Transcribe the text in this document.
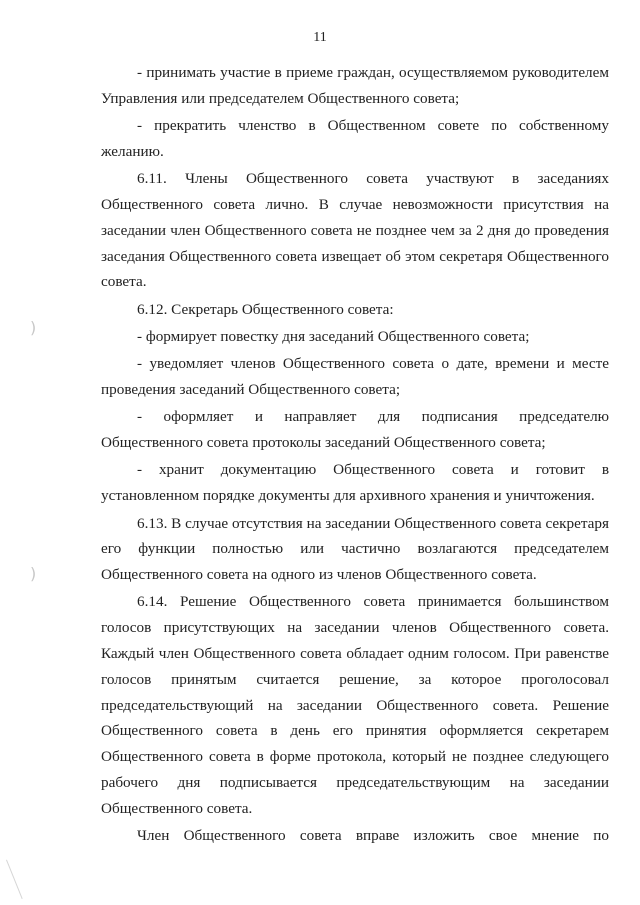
11

- принимать участие в приеме граждан, осуществляемом руководителем Управления или председателем Общественного совета;

- прекратить членство в Общественном совете по собственному желанию.

6.11. Члены Общественного совета участвуют в заседаниях Общественного совета лично. В случае невозможности присутствия на заседании член Общественного совета не позднее чем за 2 дня до проведения заседания Общественного совета извещает об этом секретаря Общественного совета.

6.12. Секретарь Общественного совета:

- формирует повестку дня заседаний Общественного совета;

- уведомляет членов Общественного совета о дате, времени и месте проведения заседаний Общественного совета;

- оформляет и направляет для подписания председателю Общественного совета протоколы заседаний Общественного совета;

- хранит документацию Общественного совета и готовит в установленном порядке документы для архивного хранения и уничтожения.

6.13. В случае отсутствия на заседании Общественного совета секретаря его функции полностью или частично возлагаются председателем Общественного совета на одного из членов Общественного совета.

6.14. Решение Общественного совета принимается большинством голосов присутствующих на заседании членов Общественного совета. Каждый член Общественного совета обладает одним голосом. При равенстве голосов принятым считается решение, за которое проголосовал председательствующий на заседании Общественного совета. Решение Общественного совета в день его принятия оформляется секретарем Общественного совета в форме протокола, который не позднее следующего рабочего дня подписывается председательствующим на заседании Общественного совета.

Член Общественного совета вправе изложить свое мнение по

)
)
